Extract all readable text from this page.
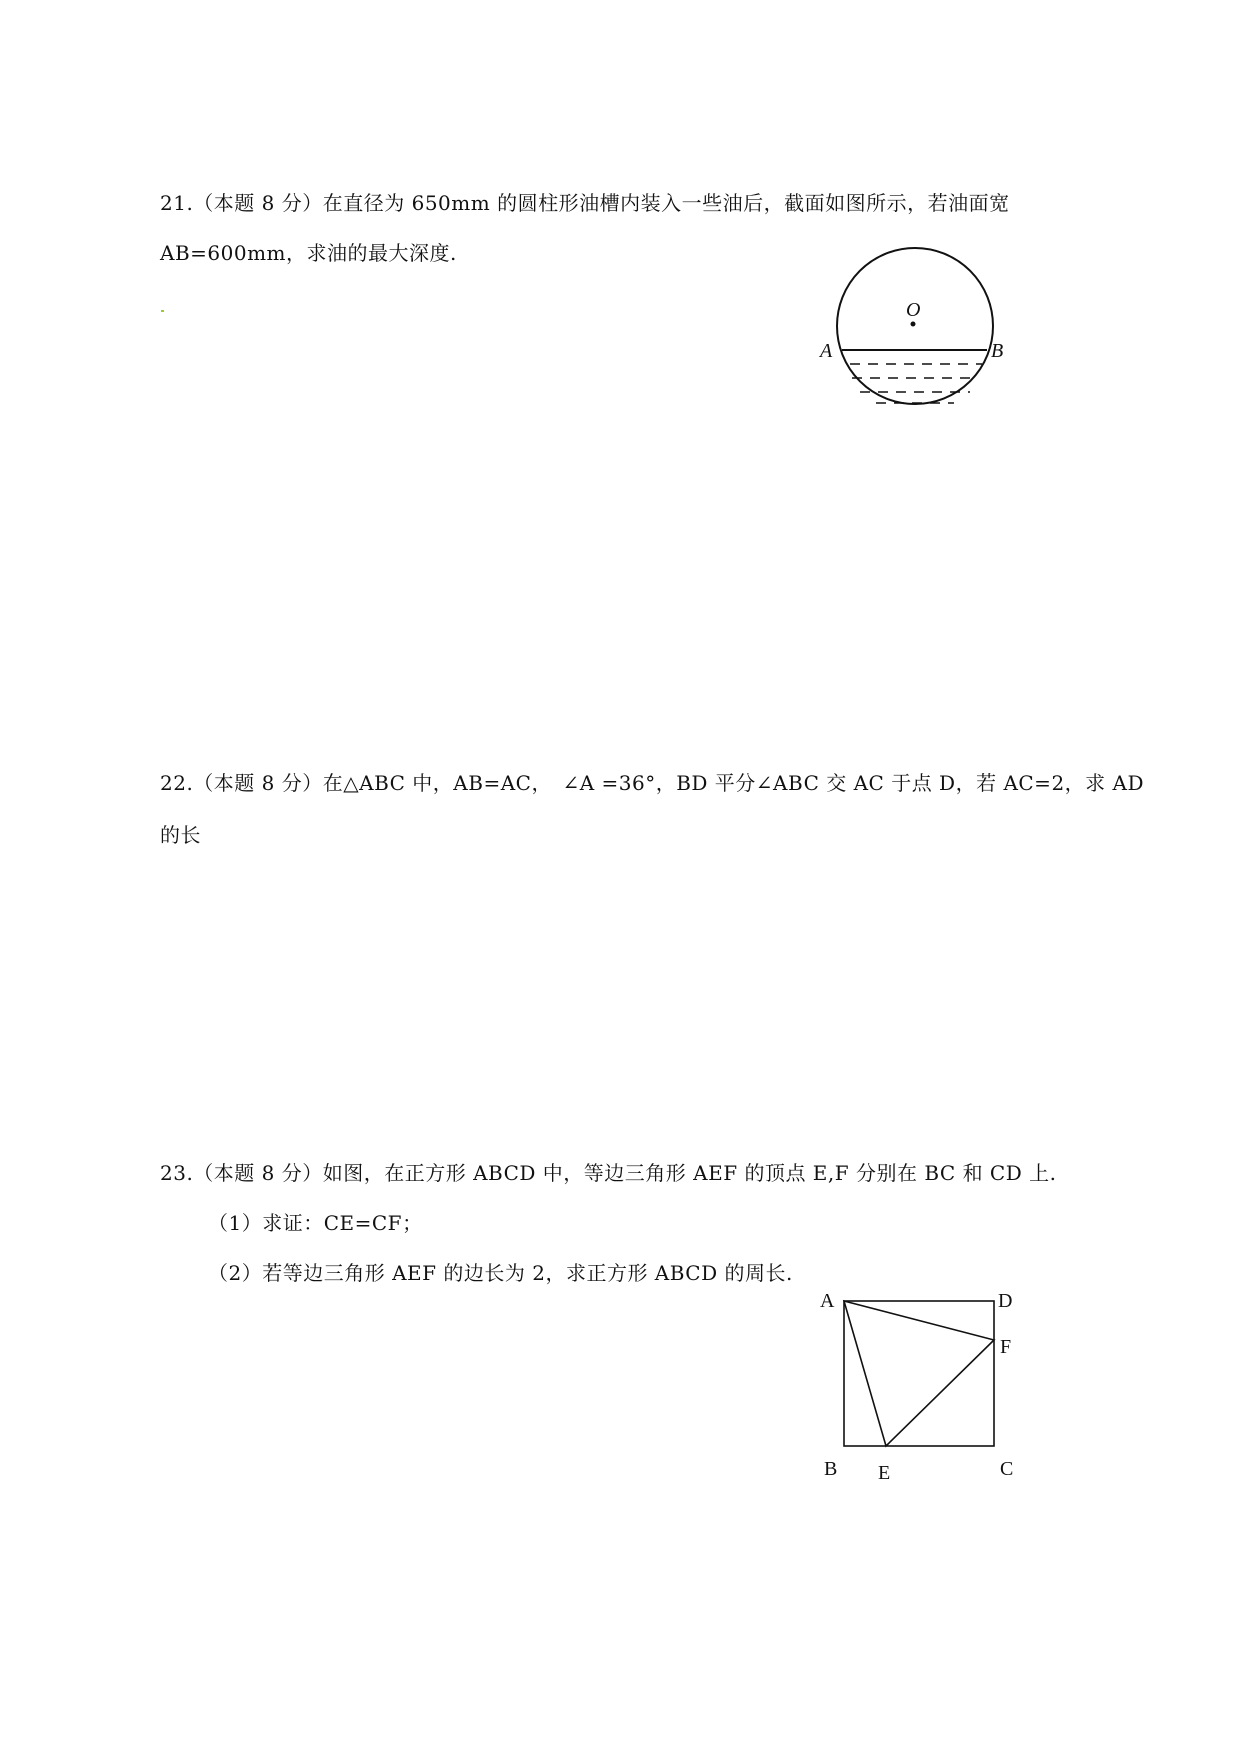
21.（本题 8 分）在直径为 650mm 的圆柱形油槽内装入一些油后，截面如图所示，若油面宽
AB=600mm，求油的最大深度.
O
A	B
22.（本题 8 分）在△ABC 中，AB=AC，　∠A =36°，BD 平分∠ABC 交 AC 于点 D，若 AC=2，求 AD
的长
23.（本题 8 分）如图，在正方形 ABCD 中，等边三角形 AEF 的顶点 E,F 分别在 BC 和 CD 上.
（1）求证：CE=CF；
（2）若等边三角形 AEF 的边长为 2，求正方形 ABCD 的周长.
A	D
F
B E	C
